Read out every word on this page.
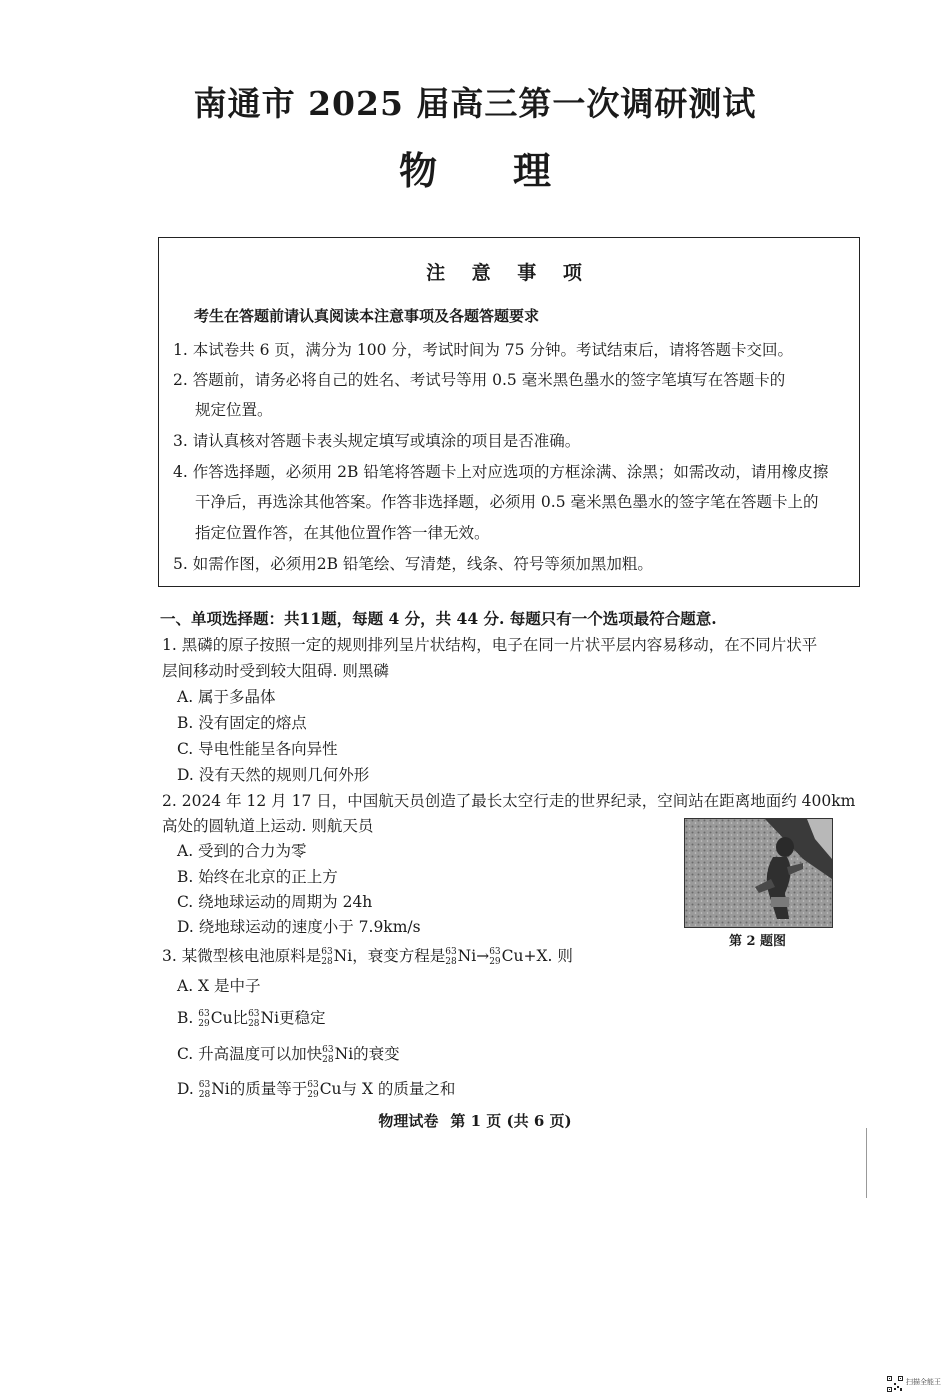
南通市 2025 届高三第一次调研测试
物 理
注 意 事 项
考生在答题前请认真阅读本注意事项及各题答题要求
1. 本试卷共 6 页，满分为 100 分，考试时间为 75 分钟。考试结束后，请将答题卡交回。
2. 答题前，请务必将自己的姓名、考试号等用 0.5 毫米黑色墨水的签字笔填写在答题卡的
规定位置。
3. 请认真核对答题卡表头规定填写或填涂的项目是否准确。
4. 作答选择题，必须用 2B 铅笔将答题卡上对应选项的方框涂满、涂黑；如需改动，请用橡皮擦
干净后，再选涂其他答案。作答非选择题，必须用 0.5 毫米黑色墨水的签字笔在答题卡上的
指定位置作答，在其他位置作答一律无效。
5. 如需作图，必须用2B 铅笔绘、写清楚，线条、符号等须加黑加粗。
一、单项选择题：共11题，每题 4 分，共 44 分. 每题只有一个选项最符合题意.
1. 黑磷的原子按照一定的规则排列呈片状结构，电子在同一片状平层内容易移动，在不同片状平
层间移动时受到较大阻碍. 则黑磷
A. 属于多晶体
B. 没有固定的熔点
C. 导电性能呈各向异性
D. 没有天然的规则几何外形
2. 2024 年 12 月 17 日，中国航天员创造了最长太空行走的世界纪录，空间站在距离地面约 400km
高处的圆轨道上运动. 则航天员
A. 受到的合力为零
B. 始终在北京的正上方
C. 绕地球运动的周期为 24h
D. 绕地球运动的速度小于 7.9km/s
第 2 题图
3. 某微型核电池原料是 63
28 Ni，衰变方程是 63
28 Ni→ 63
29 Cu+X. 则
A. X 是中子
B. 63
29 Cu比 63
28 Ni更稳定
C. 升高温度可以加快 63
28 Ni的衰变
D. 63
28 Ni的质量等于 63
29 Cu与 X 的质量之和
物理试卷 第 1 页 (共 6 页)
扫描全能王
